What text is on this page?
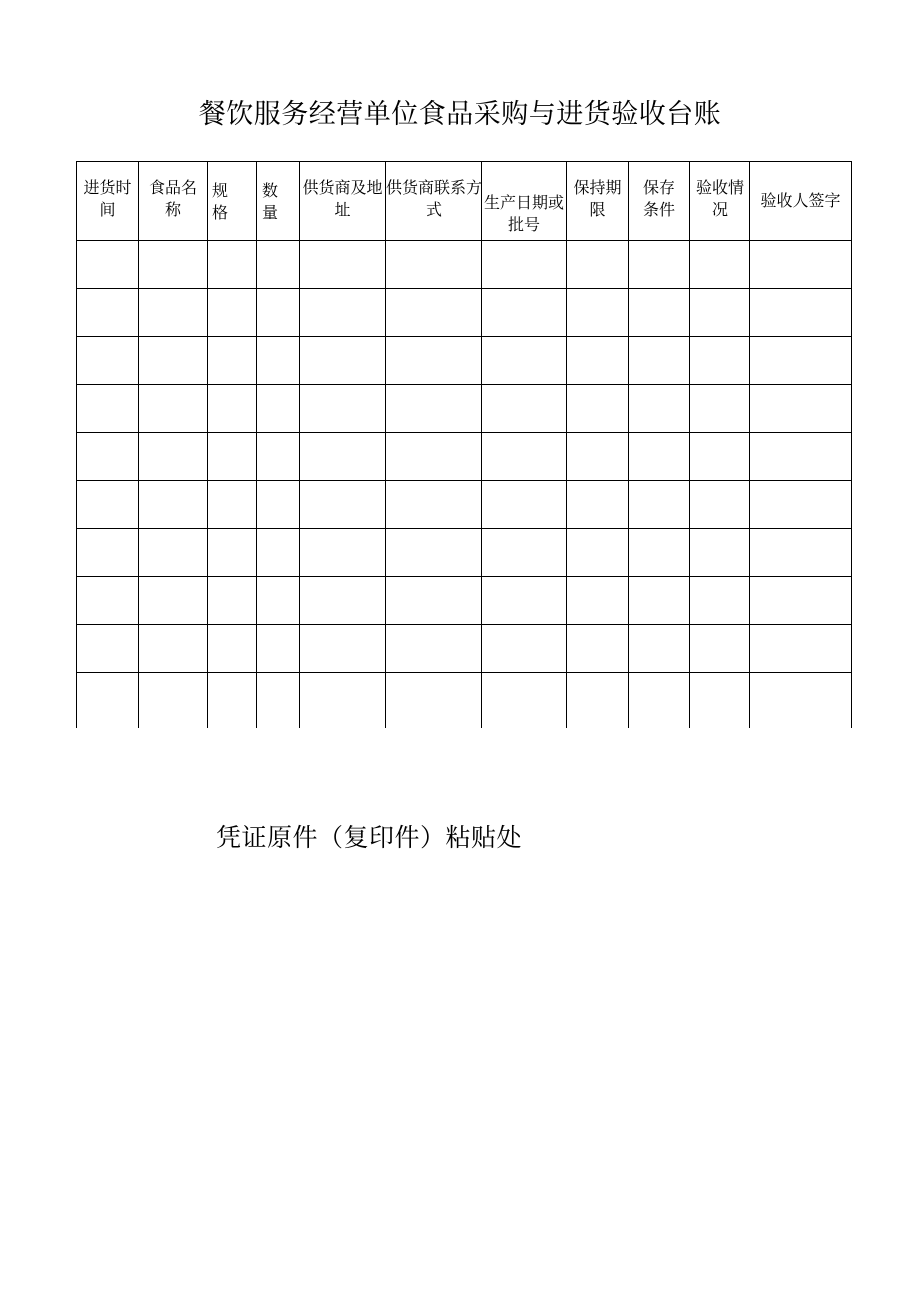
餐饮服务经营单位食品采购与进货验收台账
进货时间	食品名称	规格	数量	供货商及地址	供货商联系方式	生产日期或批号	保持期限	保存条件	验收情况	验收人签字

凭证原件（复印件）粘贴处
